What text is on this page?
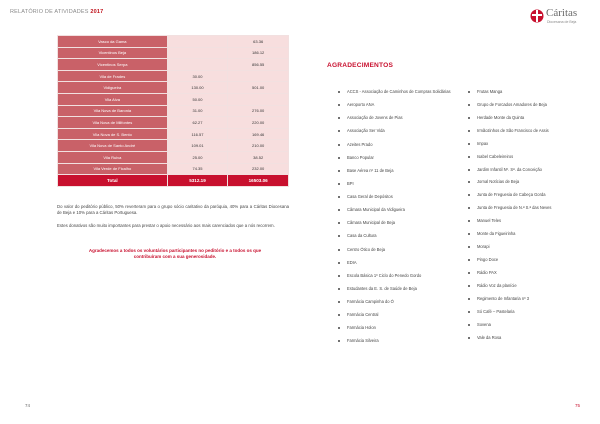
RELATÓRIO DE ATIVIDADES 2017	Cáritas
Diocesana de Beja
Vasco da Gama		63.36
Vicentinos Beja		186.12
Vicentinos Serpa		856.55
Vila de Frades	30.00	
Vidigueira	130.00	501.00
Vila Alva	50.00	
Vila Nova de Baronia	31.00	276.00
Vila Nova de Milfontes	62.27	220.00
Vila Nova de S. Bento	116.57	169.46
Vila Nova de Santo André	109.01	210.00
Vila Ruiva	25.00	38.52
Vila Verde de Ficalho	74.35	232.00
Total	5312.19	16503.06
Do valor do peditório público, 50% reverteram para o grupo sócio caritativo da paróquia, 40% para a Cáritas Diocesana de Beja e 10% para a Cáritas Portuguesa.
Estes donativos são muito importantes para prestar o apoio necessário aos mais carenciados que a nós recorrem.
Agradecemos a todos os voluntários participantes no peditório e a todos os que contribuíram com a sua generosidade.
AGRADECIMENTOS
ACCS - Associação de Caminhos de Compras Solidárias
Aeroporto ANA
Associação de Jovens de Pias
Associação Ser Vida
Azeites Prado
Banco Popular
Base Aérea nº 11 de Beja
BPI
Casa Geral de Depósitos
Câmara Municipal da Vidigueira
Câmara Municipal de Beja
Casa da Cultura
Centro Ótico de Beja
EDIA
Escola Básica 1º Ciclo do Penedo Gordo
Estudantes da E. S. de Saúde de Beja
Farmácia Campinha do Ó
Farmácia Central
Farmácia Holon
Farmácia Silveira
Frutas Manga
Grupo de Forcados Amadores de Beja
Herdade Monte da Quinta
Irmãozinhos de São Francisco de Assis
Impax
Isabel Cabeleireiros
Jardim Infantil Nº. Sª. da Conceição
Jornal Notícias de Beja
Junta de Freguesia de Cabeça Gorda
Junta de Freguesia de N.ª S.ª das Neves
Manuel Teles
Monte da Figueirinha
Morapi
Pingo Doce
Rádio PAX
Rádio Voz da planície
Regimento de Infantaria nº 3
Só Café – Pastelaria
Sovena
Vale da Rosa
74	75
